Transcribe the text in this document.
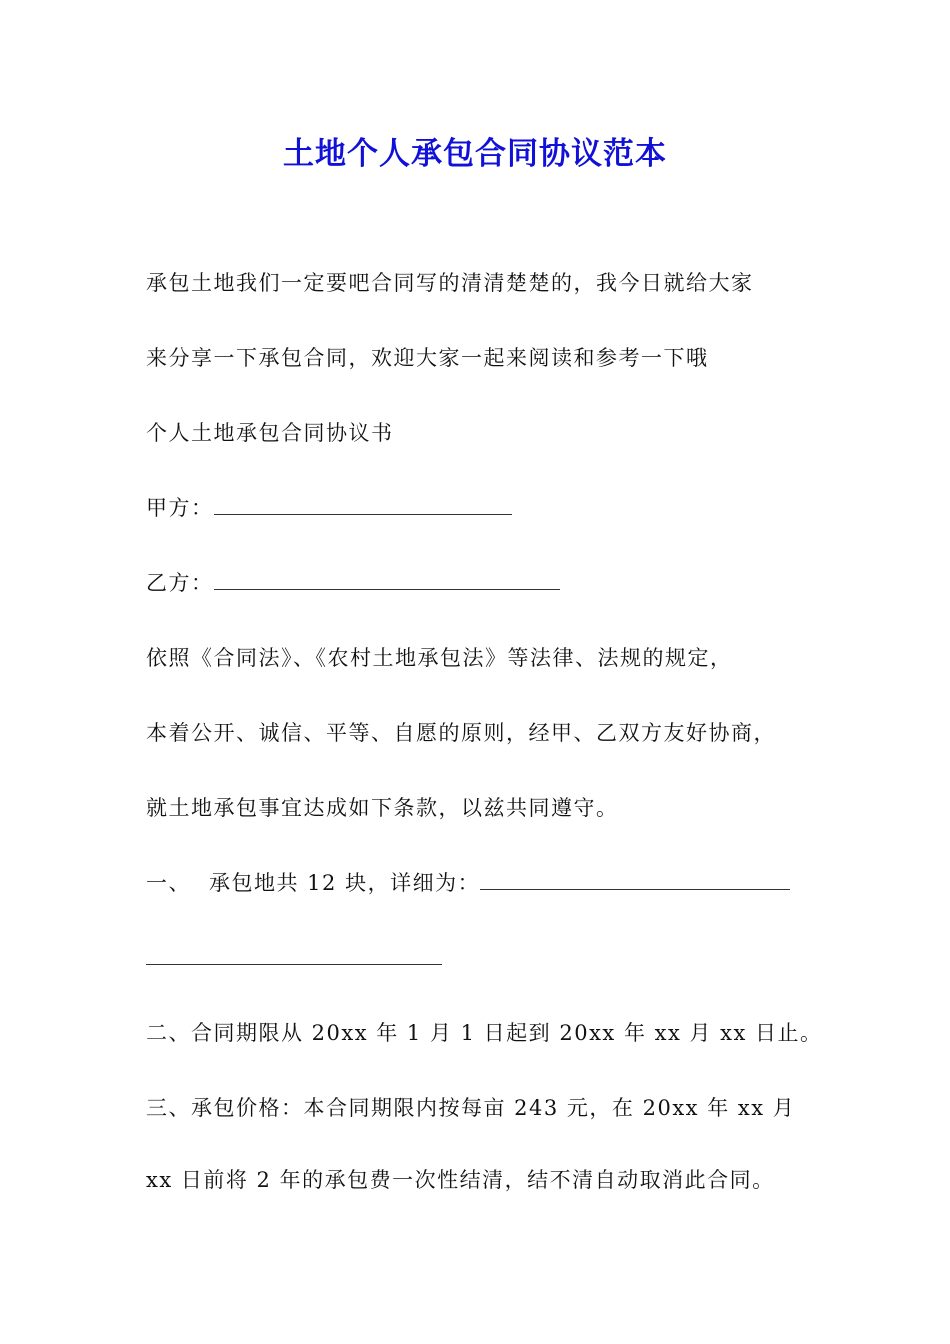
土地个人承包合同协议范本
承包土地我们一定要吧合同写的清清楚楚的，我今日就给大家
来分享一下承包合同，欢迎大家一起来阅读和参考一下哦
个人土地承包合同协议书
甲方：
乙方：
依照《合同法》、《农村土地承包法》等法律、法规的规定，
本着公开、诚信、平等、自愿的原则，经甲、乙双方友好协商，
就土地承包事宜达成如下条款，以兹共同遵守。
一、 承包地共 12 块，详细为：
二、合同期限从 20xx 年 1 月 1 日起到 20xx 年 xx 月 xx 日止。
三、承包价格：本合同期限内按每亩 243 元，在 20xx 年 xx 月
xx 日前将 2 年的承包费一次性结清，结不清自动取消此合同。
